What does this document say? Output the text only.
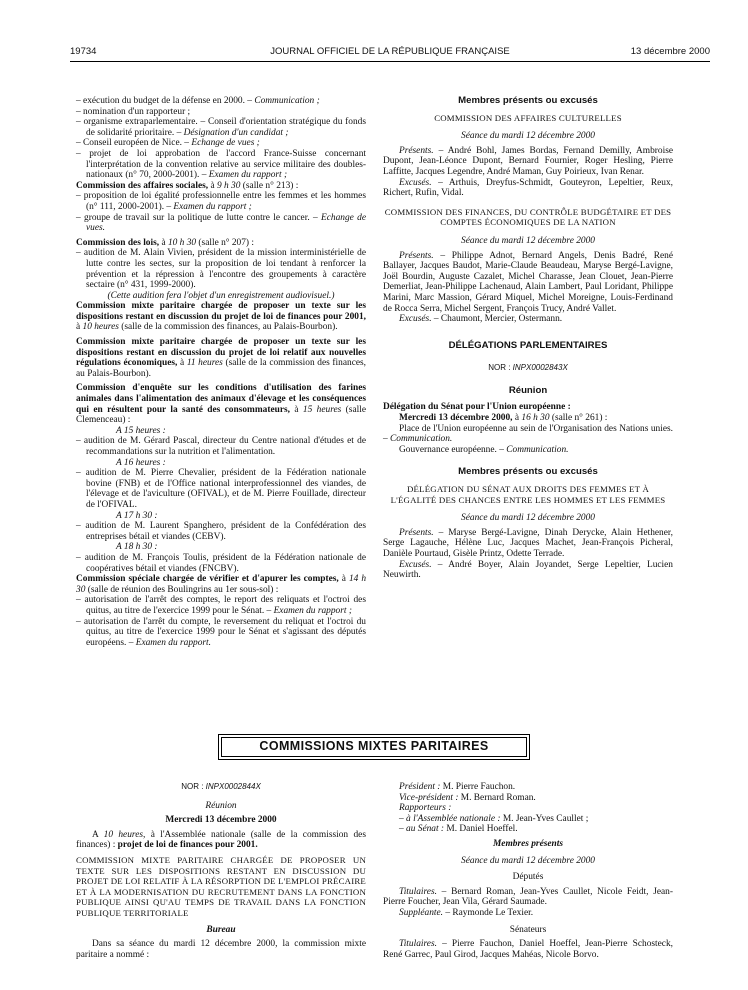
19734	JOURNAL OFFICIEL DE LA RÉPUBLIQUE FRANÇAISE	13 décembre 2000

– exécution du budget de la défense en 2000. – Communication ;

– nomination d'un rapporteur ;

– organisme extraparlementaire. – Conseil d'orientation stratégique du fonds de solidarité prioritaire. – Désignation d'un candidat ;

– Conseil européen de Nice. – Echange de vues ;

– projet de loi approbation de l'accord France-Suisse concernant l'interprétation de la convention relative au service militaire des doubles-nationaux (n° 70, 2000-2001). – Examen du rapport ;

Commission des affaires sociales, à 9 h 30 (salle n° 213) :

– proposition de loi égalité professionnelle entre les femmes et les hommes (n° 111, 2000-2001). – Examen du rapport ;

– groupe de travail sur la politique de lutte contre le cancer. – Echange de vues.

Commission des lois, à 10 h 30 (salle n° 207) :

– audition de M. Alain Vivien, président de la mission interministérielle de lutte contre les sectes, sur la proposition de loi tendant à renforcer la prévention et la répression à l'encontre des groupements à caractère sectaire (n° 431, 1999-2000).

(Cette audition fera l'objet d'un enregistrement audiovisuel.)

Commission mixte paritaire chargée de proposer un texte sur les dispositions restant en discussion du projet de loi de finances pour 2001, à 10 heures (salle de la commission des finances, au Palais-Bourbon).

Commission mixte paritaire chargée de proposer un texte sur les dispositions restant en discussion du projet de loi relatif aux nouvelles régulations économiques, à 11 heures (salle de la commission des finances, au Palais-Bourbon).

Commission d'enquête sur les conditions d'utilisation des farines animales dans l'alimentation des animaux d'élevage et les conséquences qui en résultent pour la santé des consommateurs, à 15 heures (salle Clemenceau) :

A 15 heures :

– audition de M. Gérard Pascal, directeur du Centre national d'études et de recommandations sur la nutrition et l'alimentation.

A 16 heures :

– audition de M. Pierre Chevalier, président de la Fédération nationale bovine (FNB) et de l'Office national interprofessionnel des viandes, de l'élevage et de l'aviculture (OFIVAL), et de M. Pierre Fouillade, directeur de l'OFIVAL.

A 17 h 30 :

– audition de M. Laurent Spanghero, président de la Confédération des entreprises bétail et viandes (CEBV).

A 18 h 30 :

– audition de M. François Toulis, président de la Fédération nationale de coopératives bétail et viandes (FNCBV).

Commission spéciale chargée de vérifier et d'apurer les comptes, à 14 h 30 (salle de réunion des Boulingrins au 1er sous-sol) :

– autorisation de l'arrêt des comptes, le report des reliquats et l'octroi des quitus, au titre de l'exercice 1999 pour le Sénat. – Examen du rapport ;

– autorisation de l'arrêt du compte, le reversement du reliquat et l'octroi du quitus, au titre de l'exercice 1999 pour le Sénat et s'agissant des députés européens. – Examen du rapport.

Membres présents ou excusés

COMMISSION DES AFFAIRES CULTURELLES

Séance du mardi 12 décembre 2000

Présents. – André Bohl, James Bordas, Fernand Demilly, Ambroise Dupont, Jean-Léonce Dupont, Bernard Fournier, Roger Hesling, Pierre Laffitte, Jacques Legendre, André Maman, Guy Poirieux, Ivan Renar.

Excusés. – Arthuis, Dreyfus-Schmidt, Gouteyron, Lepeltier, Reux, Richert, Rufin, Vidal.

COMMISSION DES FINANCES, DU CONTRÔLE BUDGÉTAIRE ET DES COMPTES ÉCONOMIQUES DE LA NATION

Séance du mardi 12 décembre 2000

Présents. – Philippe Adnot, Bernard Angels, Denis Badré, René Ballayer, Jacques Baudot, Marie-Claude Beaudeau, Maryse Bergé-Lavigne, Joël Bourdin, Auguste Cazalet, Michel Charasse, Jean Clouet, Jean-Pierre Demerliat, Jean-Philippe Lachenaud, Alain Lambert, Paul Loridant, Philippe Marini, Marc Massion, Gérard Miquel, Michel Moreigne, Louis-Ferdinand de Rocca Serra, Michel Sergent, François Trucy, André Vallet.

Excusés. – Chaumont, Mercier, Ostermann.

DÉLÉGATIONS PARLEMENTAIRES

NOR : INPX0002843X

Réunion

Délégation du Sénat pour l'Union européenne :

Mercredi 13 décembre 2000, à 16 h 30 (salle n° 261) :

Place de l'Union européenne au sein de l'Organisation des Nations unies. – Communication.

Gouvernance européenne. – Communication.

Membres présents ou excusés

DÉLÉGATION DU SÉNAT AUX DROITS DES FEMMES ET À L'ÉGALITÉ DES CHANCES ENTRE LES HOMMES ET LES FEMMES

Séance du mardi 12 décembre 2000

Présents. – Maryse Bergé-Lavigne, Dinah Derycke, Alain Hethener, Serge Lagauche, Hélène Luc, Jacques Machet, Jean-François Picheral, Danièle Pourtaud, Gisèle Printz, Odette Terrade.

Excusés. – André Boyer, Alain Joyandet, Serge Lepeltier, Lucien Neuwirth.

COMMISSIONS MIXTES PARITAIRES

NOR : INPX0002844X

Réunion

Mercredi 13 décembre 2000

A 10 heures, à l'Assemblée nationale (salle de la commission des finances) : projet de loi de finances pour 2001.

COMMISSION MIXTE PARITAIRE CHARGÉE DE PROPOSER UN TEXTE SUR LES DISPOSITIONS RESTANT EN DISCUSSION DU PROJET DE LOI RELATIF À LA RÉSORPTION DE L'EMPLOI PRÉCAIRE ET À LA MODERNISATION DU RECRUTEMENT DANS LA FONCTION PUBLIQUE AINSI QU'AU TEMPS DE TRAVAIL DANS LA FONCTION PUBLIQUE TERRITORIALE

Bureau

Dans sa séance du mardi 12 décembre 2000, la commission mixte paritaire a nommé :

Président : M. Pierre Fauchon.

Vice-président : M. Bernard Roman.

Rapporteurs :

– à l'Assemblée nationale : M. Jean-Yves Caullet ;

– au Sénat : M. Daniel Hoeffel.

Membres présents

Séance du mardi 12 décembre 2000

Députés

Titulaires. – Bernard Roman, Jean-Yves Caullet, Nicole Feidt, Jean-Pierre Foucher, Jean Vila, Gérard Saumade.

Suppléante. – Raymonde Le Texier.

Sénateurs

Titulaires. – Pierre Fauchon, Daniel Hoeffel, Jean-Pierre Schosteck, René Garrec, Paul Girod, Jacques Mahéas, Nicole Borvo.
